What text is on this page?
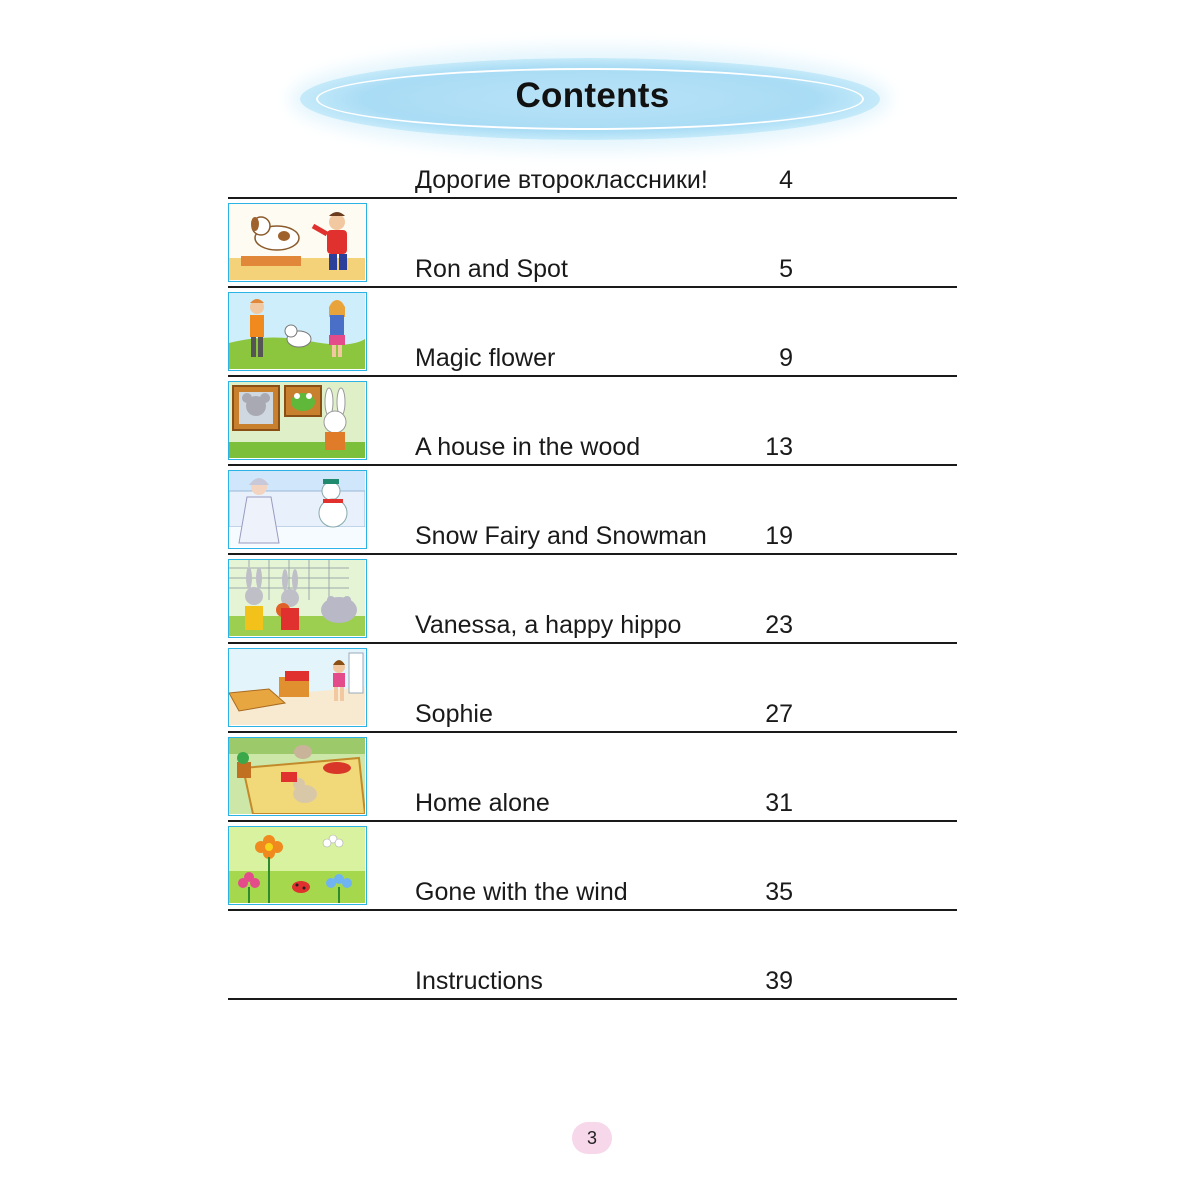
Contents
Дорогие второклассники!	4
Ron and Spot	5
Magic flower	9
A house in the wood	13
Snow Fairy and Snowman	19
Vanessa, a happy hippo	23
Sophie	27
Home alone	31
Gone with the wind	35
Instructions	39
3
